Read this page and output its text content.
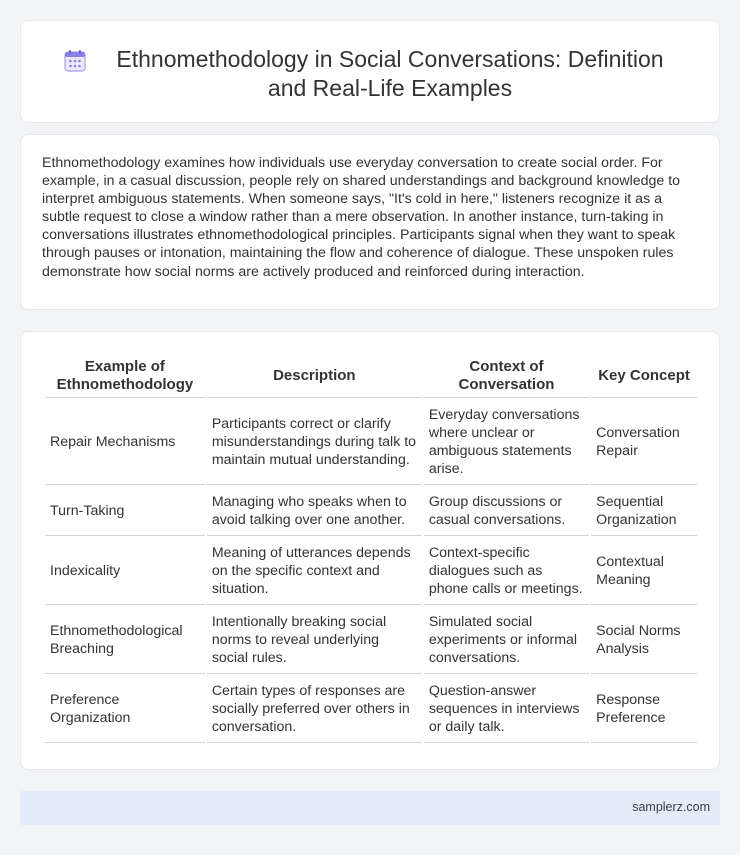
Ethnomethodology in Social Conversations: Definition and Real-Life Examples

Ethnomethodology examines how individuals use everyday conversation to create social order. For example, in a casual discussion, people rely on shared understandings and background knowledge to interpret ambiguous statements. When someone says, "It's cold in here," listeners recognize it as a subtle request to close a window rather than a mere observation. In another instance, turn-taking in conversations illustrates ethnomethodological principles. Participants signal when they want to speak through pauses or intonation, maintaining the flow and coherence of dialogue. These unspoken rules demonstrate how social norms are actively produced and reinforced during interaction.

Example of Ethnomethodology	Description	Context of Conversation	Key Concept
Repair Mechanisms	Participants correct or clarify misunderstandings during talk to maintain mutual understanding.	Everyday conversations where unclear or ambiguous statements arise.	Conversation Repair
Turn-Taking	Managing who speaks when to avoid talking over one another.	Group discussions or casual conversations.	Sequential Organization
Indexicality	Meaning of utterances depends on the specific context and situation.	Context-specific dialogues such as phone calls or meetings.	Contextual Meaning
Ethnomethodological Breaching	Intentionally breaking social norms to reveal underlying social rules.	Simulated social experiments or informal conversations.	Social Norms Analysis
Preference Organization	Certain types of responses are socially preferred over others in conversation.	Question-answer sequences in interviews or daily talk.	Response Preference
samplerz.com
